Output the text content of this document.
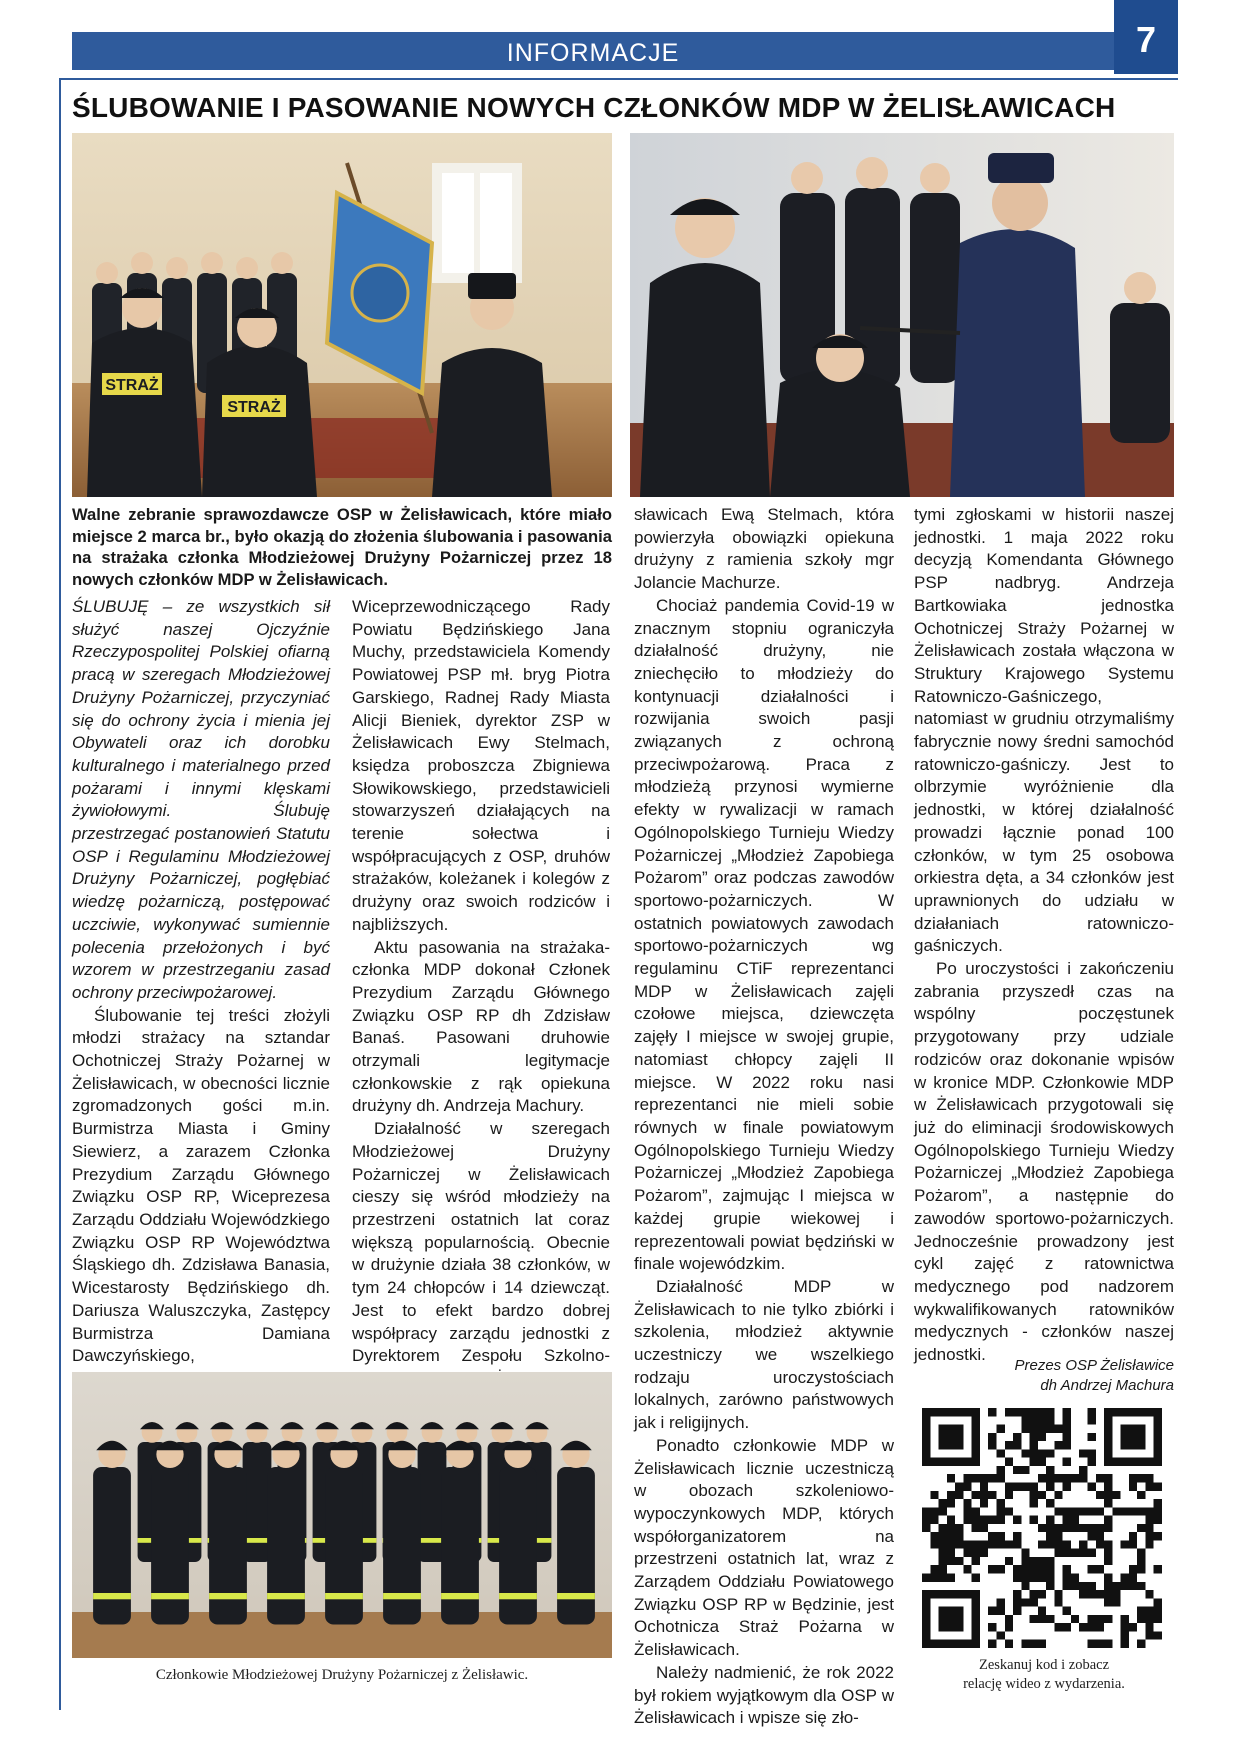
INFORMACJE	7
ŚLUBOWANIE I PASOWANIE NOWYCH CZŁONKÓW MDP W ŻELISŁAWICACH
STRAŻ
STRAŻ
Walne zebranie sprawozdawcze OSP w Żelisławicach, które miało miejsce 2 marca br., było okazją do złożenia ślubowania i pasowania na strażaka członka Młodzieżowej Drużyny Pożarniczej przez 18 nowych członków MDP w Żelisławicach.

ŚLUBUJĘ – ze wszystkich sił służyć naszej Ojczyźnie Rzeczypospolitej Polskiej ofiarną pracą w szeregach Młodzieżowej Drużyny Pożarniczej, przyczyniać się do ochrony życia i mienia jej Obywateli oraz ich dorobku kulturalnego i materialnego przed pożarami i innymi klęskami żywiołowymi. Ślubuję przestrzegać postanowień Statutu OSP i Regulaminu Młodzieżowej Drużyny Pożarniczej, pogłębiać wiedzę pożarniczą, postępować uczciwie, wykonywać sumiennie polecenia przełożonych i być wzorem w przestrzeganiu zasad ochrony przeciwpożarowej.

Ślubowanie tej treści złożyli młodzi strażacy na sztandar Ochotniczej Straży Pożarnej w Żelisławicach, w obecności licznie zgromadzonych gości m.in. Burmistrza Miasta i Gminy Siewierz, a zarazem Członka Prezydium Zarządu Głównego Związku OSP RP, Wiceprezesa Zarządu Oddziału Wojewódzkiego Związku OSP RP Województwa Śląskiego dh. Zdzisława Banasia, Wicestarosty Będzińskiego dh. Dariusza Waluszczyka, Zastępcy Burmistrza Damiana Dawczyńskiego,

Wiceprzewodniczącego Rady Powiatu Będzińskiego Jana Muchy, przedstawiciela Komendy Powiatowej PSP mł. bryg Piotra Garskiego, Radnej Rady Miasta Alicji Bieniek, dyrektor ZSP w Żelisławicach Ewy Stelmach, księdza proboszcza Zbigniewa Słowikowskiego, przedstawicieli stowarzyszeń działających na terenie sołectwa i współpracujących z OSP, druhów strażaków, koleżanek i kolegów z drużyny oraz swoich rodziców i najbliższych.

Aktu pasowania na strażaka-członka MDP dokonał Członek Prezydium Zarządu Głównego Związku OSP RP dh Zdzisław Banaś. Pasowani druhowie otrzymali legitymacje członkowskie z rąk opiekuna drużyny dh. Andrzeja Machury.

Działalność w szeregach Młodzieżowej Drużyny Pożarniczej w Żelisławicach cieszy się wśród młodzieży na przestrzeni ostatnich lat coraz większą popularnością. Obecnie w drużynie działa 38 członków, w tym 24 chłopców i 14 dziewcząt. Jest to efekt bardzo dobrej współpracy zarządu jednostki z Dyrektorem Zespołu Szkolno-

sławicach Ewą Stelmach, która powierzyła obowiązki opiekuna drużyny z ramienia szkoły mgr Jolancie Machurze.

Chociaż pandemia Covid-19 w znacznym stopniu ograniczyła działalność drużyny, nie zniechęciło to młodzieży do kontynuacji działalności i rozwijania swoich pasji związanych z ochroną przeciwpożarową. Praca z młodzieżą przynosi wymierne efekty w rywalizacji w ramach Ogólnopolskiego Turnieju Wiedzy Pożarniczej „Młodzież Zapobiega Pożarom” oraz podczas zawodów sportowo-pożarniczych. W ostatnich powiatowych zawodach sportowo-pożarniczych wg regulaminu CTiF reprezentanci MDP w Żelisławicach zajęli czołowe miejsca, dziewczęta zajęły I miejsce w swojej grupie, natomiast chłopcy zajęli II miejsce. W 2022 roku nasi reprezentanci nie mieli sobie równych w finale powiatowym Ogólnopolskiego Turnieju Wiedzy Pożarniczej „Młodzież Zapobiega Pożarom”, zajmując I miejsca w każdej grupie wiekowej i reprezentowali powiat będziński w finale wojewódzkim.

Działalność MDP w Żelisławicach to nie tylko zbiórki i szkolenia, młodzież aktywnie uczestniczy we wszelkiego rodzaju uroczystościach lokalnych, zarówno państwowych jak i religijnych.

Ponadto członkowie MDP w Żelisławicach licznie uczestniczą w obozach szkoleniowo-wypoczynkowych MDP, których współorganizatorem na przestrzeni ostatnich lat, wraz z Zarządem Oddziału Powiatowego Związku OSP RP w Będzinie, jest Ochotnicza Straż Pożarna w Żelisławicach.

Należy nadmienić, że rok 2022 był rokiem wyjątkowym dla OSP w Żelisławicach i wpisze się zło-

tymi zgłoskami w historii naszej jednostki. 1 maja 2022 roku decyzją Komendanta Głównego PSP nadbryg. Andrzeja Bartkowiaka jednostka Ochotniczej Straży Pożarnej w Żelisławicach została włączona w Struktury Krajowego Systemu Ratowniczo-Gaśniczego, natomiast w grudniu otrzymaliśmy fabrycznie nowy średni samochód ratowniczo-gaśniczy. Jest to olbrzymie wyróżnienie dla jednostki, w której działalność prowadzi łącznie ponad 100 członków, w tym 25 osobowa orkiestra dęta, a 34 członków jest uprawnionych do udziału w działaniach ratowniczo-gaśniczych.

Po uroczystości i zakończeniu zabrania przyszedł czas na wspólny poczęstunek przygotowany przy udziale rodziców oraz dokonanie wpisów w kronice MDP. Członkowie MDP w Żelisławicach przygotowali się już do eliminacji środowiskowych Ogólnopolskiego Turnieju Wiedzy Pożarniczej „Młodzież Zapobiega Pożarom”, a następnie do zawodów sportowo-pożarniczych. Jednocześnie prowadzony jest cykl zajęć z ratownictwa medycznego pod nadzorem wykwalifikowanych ratowników medycznych - członków naszej jednostki.

Prezes OSP Żelisławice
dh Andrzej Machura
Członkowie Młodzieżowej Drużyny Pożarniczej z Żelisławic.
Zeskanuj kod i zobacz
relację wideo z wydarzenia.
